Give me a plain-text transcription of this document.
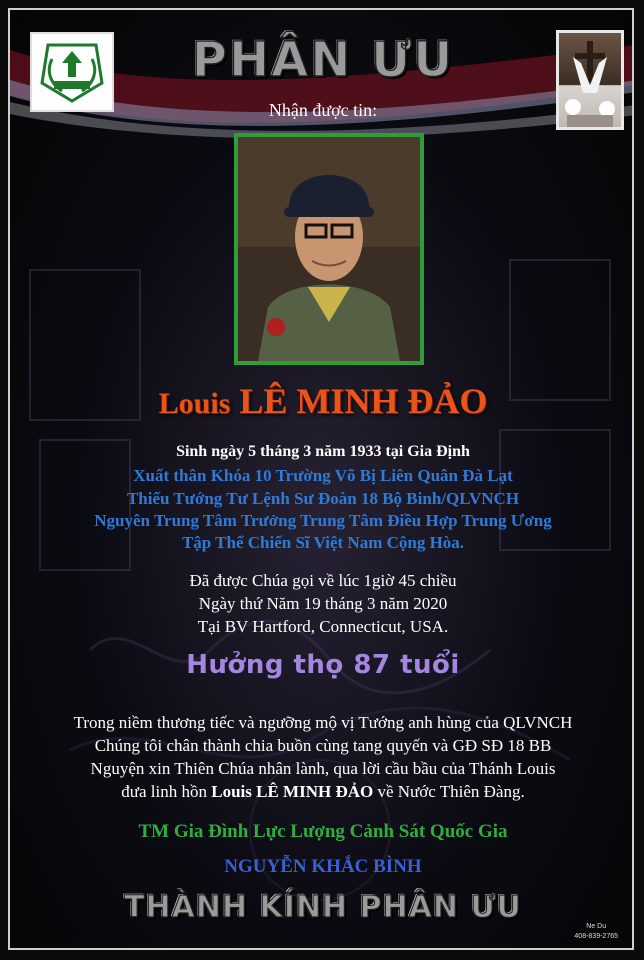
PHÂN ƯU
Nhận được tin:
Louis LÊ MINH ĐẢO
Sinh ngày 5 tháng 3 năm 1933 tại Gia Định
Xuất thân Khóa 10 Trường Võ Bị Liên Quân Đà Lạt
Thiếu Tướng Tư Lệnh Sư Đoàn 18 Bộ Binh/QLVNCH
Nguyên Trung Tâm Trưởng Trung Tâm Điều Hợp Trung Ương
Tập Thể Chiến Sĩ Việt Nam Cộng Hòa.
Đã được Chúa gọi về lúc 1giờ 45 chiều
Ngày thứ Năm 19 tháng 3 năm 2020
Tại BV Hartford, Connecticut, USA.
Hưởng thọ 87 tuổi
Trong niềm thương tiếc và ngưỡng mộ vị Tướng anh hùng của QLVNCH
Chúng tôi chân thành chia buồn cùng tang quyến và GĐ SĐ 18 BB
Nguyện xin Thiên Chúa nhân lành, qua lời cầu bầu của Thánh Louis
đưa linh hồn Louis LÊ MINH ĐẢO về Nước Thiên Đàng.
TM Gia Đình Lực Lượng Cảnh Sát Quốc Gia
NGUYỄN KHẮC BÌNH
THÀNH KÍNH PHÂN ƯU
Ne Du
408-839-2765
